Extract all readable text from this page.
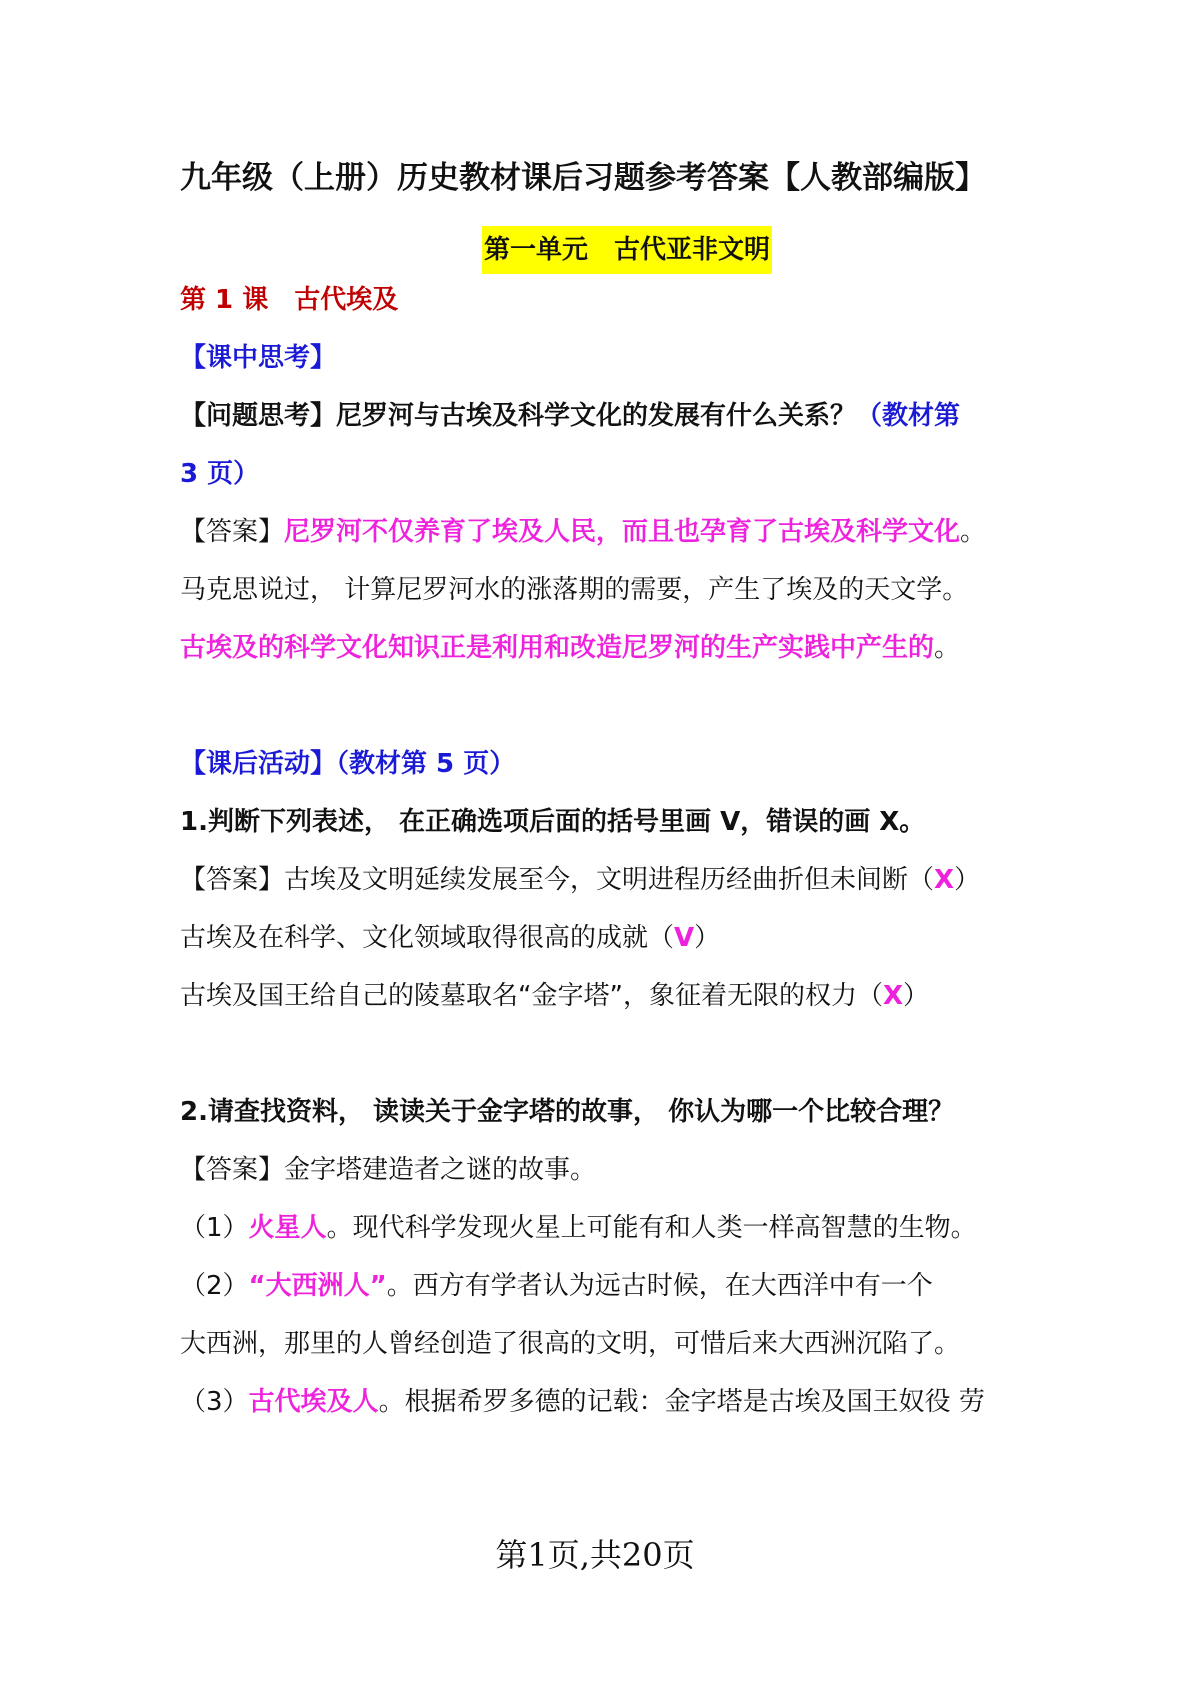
九年级（上册）历史教材课后习题参考答案【人教部编版】
第一单元　古代亚非文明
第 1 课　古代埃及
【课中思考】
【问题思考】尼罗河与古埃及科学文化的发展有什么关系？（教材第
3 页）
【答案】尼罗河不仅养育了埃及人民，而且也孕育了古埃及科学文化。
马克思说过， 计算尼罗河水的涨落期的需要，产生了埃及的天文学。
古埃及的科学文化知识正是利用和改造尼罗河的生产实践中产生的。
【课后活动】（教材第 5 页）
1.判断下列表述， 在正确选项后面的括号里画 V，错误的画 X。
【答案】古埃及文明延续发展至今，文明进程历经曲折但未间断（X）
古埃及在科学、文化领域取得很高的成就（V）
古埃及国王给自己的陵墓取名“金字塔”，象征着无限的权力（X）
2.请查找资料， 读读关于金字塔的故事， 你认为哪一个比较合理？
【答案】金字塔建造者之谜的故事。
（1）火星人。现代科学发现火星上可能有和人类一样高智慧的生物。
（2）“大西洲人”。西方有学者认为远古时候，在大西洋中有一个
大西洲，那里的人曾经创造了很高的文明，可惜后来大西洲沉陷了。
（3）古代埃及人。根据希罗多德的记载：金字塔是古埃及国王奴役 劳
第1页,共20页
